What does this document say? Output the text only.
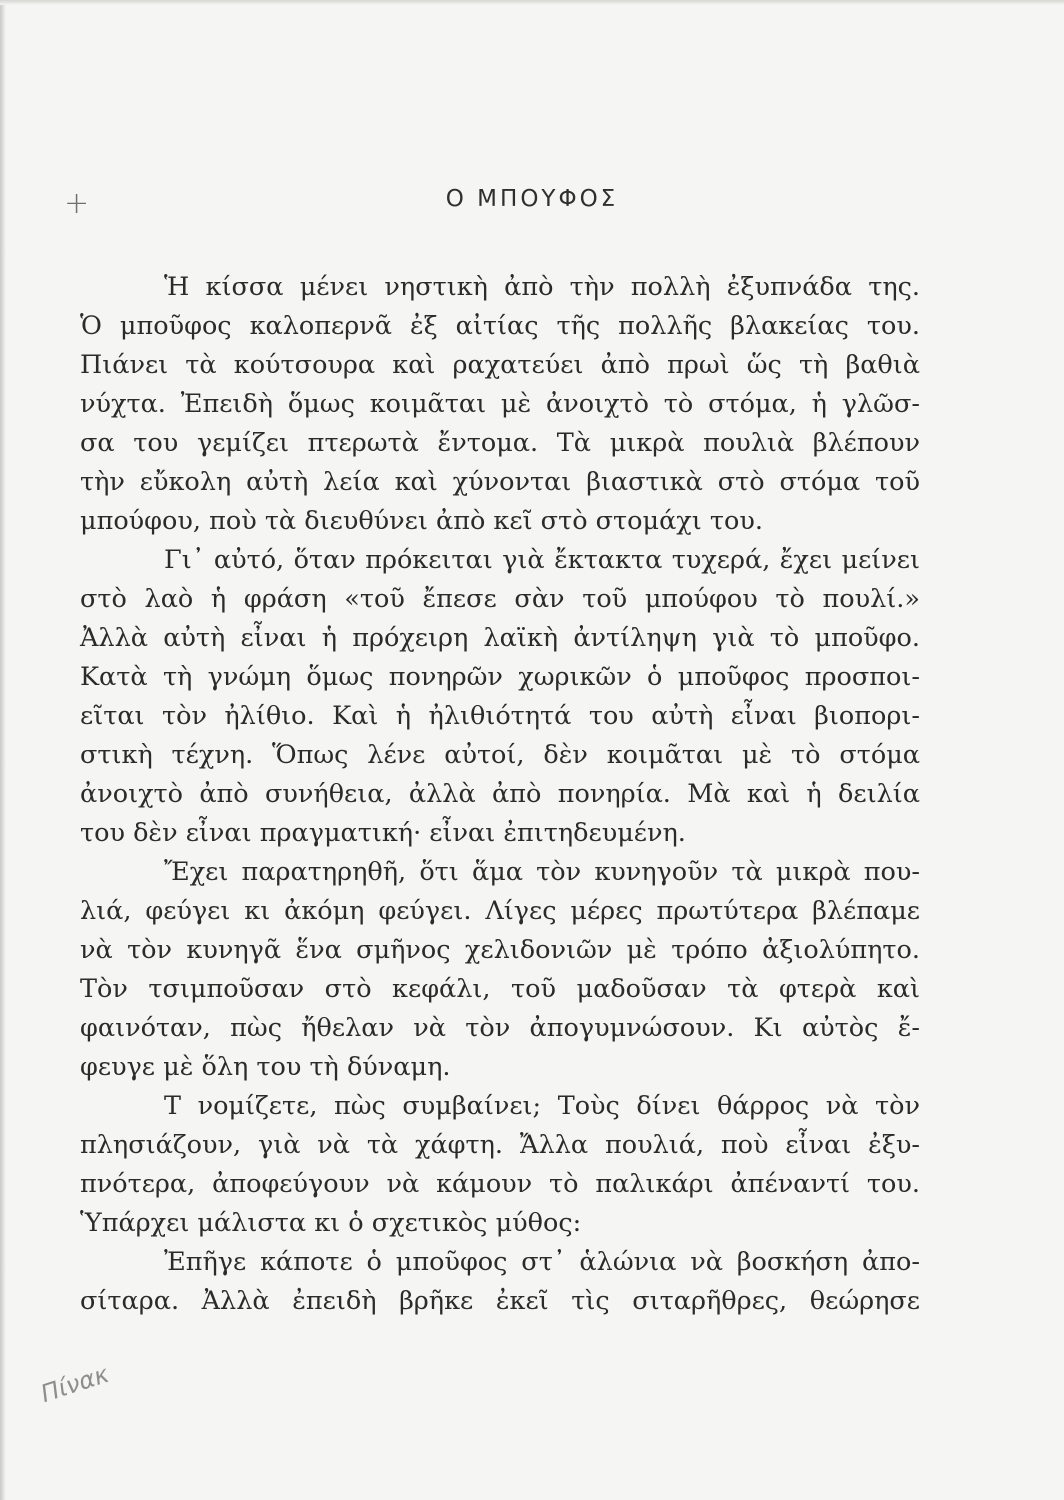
+	Ο ΜΠΟΥΦΟΣ
Ἡ κίσσα μένει νηστικὴ ἀπὸ τὴν πολλὴ ἐξυπνάδα της.
Ὁ μποῦφος καλοπερνᾶ ἐξ αἰτίας τῆς πολλῆς βλακείας του.
Πιάνει τὰ κούτσουρα καὶ ραχατεύει ἀπὸ πρωὶ ὥς τὴ βαθιὰ
νύχτα. Ἐπειδὴ ὅμως κοιμᾶται μὲ ἀνοιχτὸ τὸ στόμα, ἡ γλῶσ-
σα του γεμίζει πτερωτὰ ἔντομα. Τὰ μικρὰ πουλιὰ βλέπουν
τὴν εὔκολη αὐτὴ λεία καὶ χύνονται βιαστικὰ στὸ στόμα τοῦ
μπούφου, ποὺ τὰ διευθύνει ἀπὸ κεῖ στὸ στομάχι του.
Γι᾽ αὐτό, ὅταν πρόκειται γιὰ ἔκτακτα τυχερά, ἔχει μείνει
στὸ λαὸ ἡ φράση «τοῦ ἔπεσε σὰν τοῦ μπούφου τὸ πουλί.»
Ἀλλὰ αὐτὴ εἶναι ἡ πρόχειρη λαϊκὴ ἀντίληψη γιὰ τὸ μποῦφο.
Κατὰ τὴ γνώμη ὅμως πονηρῶν χωρικῶν ὁ μποῦφος προσποι-
εῖται τὸν ἠλίθιο. Καὶ ἡ ἠλιθιότητά του αὐτὴ εἶναι βιοπορι-
στικὴ τέχνη. Ὅπως λένε αὐτοί, δὲν κοιμᾶται μὲ τὸ στόμα
ἀνοιχτὸ ἀπὸ συνήθεια, ἀλλὰ ἀπὸ πονηρία. Μὰ καὶ ἡ δειλία
του δὲν εἶναι πραγματική· εἶναι ἐπιτηδευμένη.
Ἔχει παρατηρηθῆ, ὅτι ἅμα τὸν κυνηγοῦν τὰ μικρὰ που-
λιά, φεύγει κι ἀκόμη φεύγει. Λίγες μέρες πρωτύτερα βλέπαμε
νὰ τὸν κυνηγᾶ ἕνα σμῆνος χελιδονιῶν μὲ τρόπο ἀξιολύπητο.
Τὸν τσιμποῦσαν στὸ κεφάλι, τοῦ μαδοῦσαν τὰ φτερὰ καὶ
φαινόταν, πὼς ἤθελαν νὰ τὸν ἀπογυμνώσουν. Κι αὐτὸς ἔ-
φευγε μὲ ὅλη του τὴ δύναμη.
Τ νομίζετε, πὼς συμβαίνει; Τοὺς δίνει θάρρος νὰ τὸν
πλησιάζουν, γιὰ νὰ τὰ χάφτη. Ἄλλα πουλιά, ποὺ εἶναι ἐξυ-
πνότερα, ἀποφεύγουν νὰ κάμουν τὸ παλικάρι ἀπέναντί του.
Ὑπάρχει μάλιστα κι ὁ σχετικὸς μύθος:
Ἐπῆγε κάποτε ὁ μποῦφος στ᾽ ἁλώνια νὰ βοσκήση ἀπο-
σίταρα. Ἀλλὰ ἐπειδὴ βρῆκε ἐκεῖ τὶς σιταρῆθρες, θεώρησε
Πίνακ
